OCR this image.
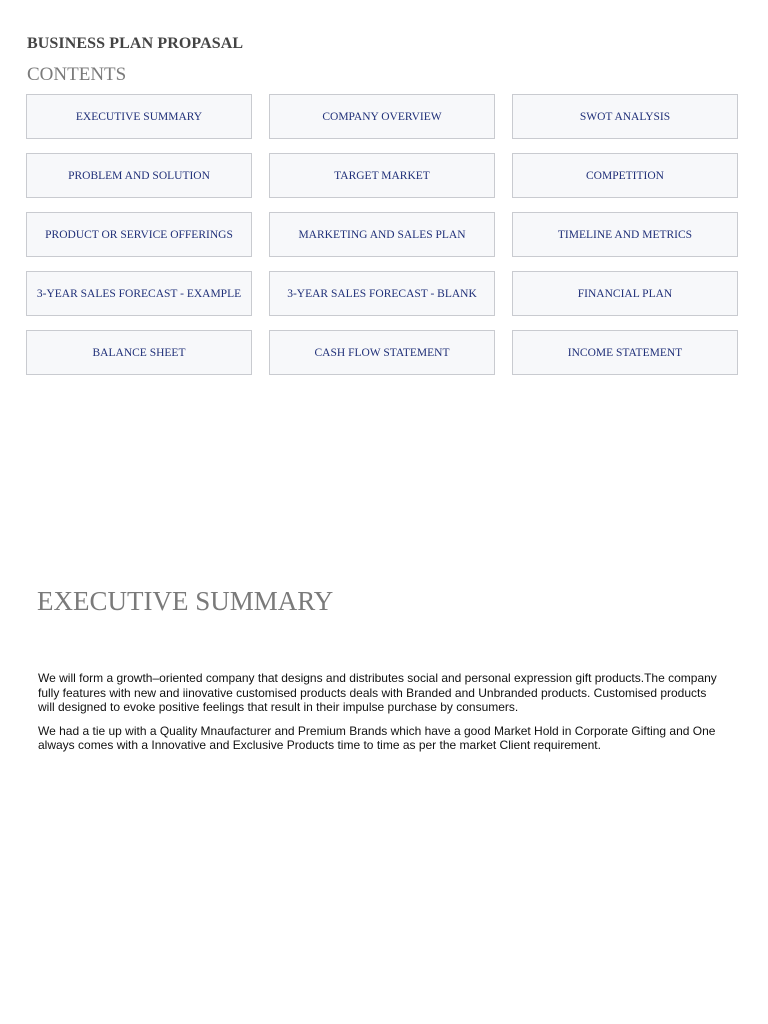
BUSINESS PLAN PROPASAL
CONTENTS
EXECUTIVE SUMMARY	COMPANY OVERVIEW	SWOT ANALYSIS
PROBLEM AND SOLUTION	TARGET MARKET	COMPETITION
PRODUCT OR SERVICE OFFERINGS	MARKETING AND SALES PLAN	TIMELINE AND METRICS
3-YEAR SALES FORECAST - EXAMPLE	3-YEAR SALES FORECAST - BLANK	FINANCIAL PLAN
BALANCE SHEET	CASH FLOW STATEMENT	INCOME STATEMENT
EXECUTIVE SUMMARY

We will form a growth–oriented company that designs and distributes social and personal expression gift products.The company
fully features with new and iinovative customised products deals with Branded and Unbranded products. Customised products
will designed to evoke positive feelings that result in their impulse purchase by consumers.

We had a tie up with a Quality Mnaufacturer and Premium Brands which have a good Market Hold in Corporate Gifting and One
always comes with a Innovative and Exclusive Products time to time as per the market Client requirement.
